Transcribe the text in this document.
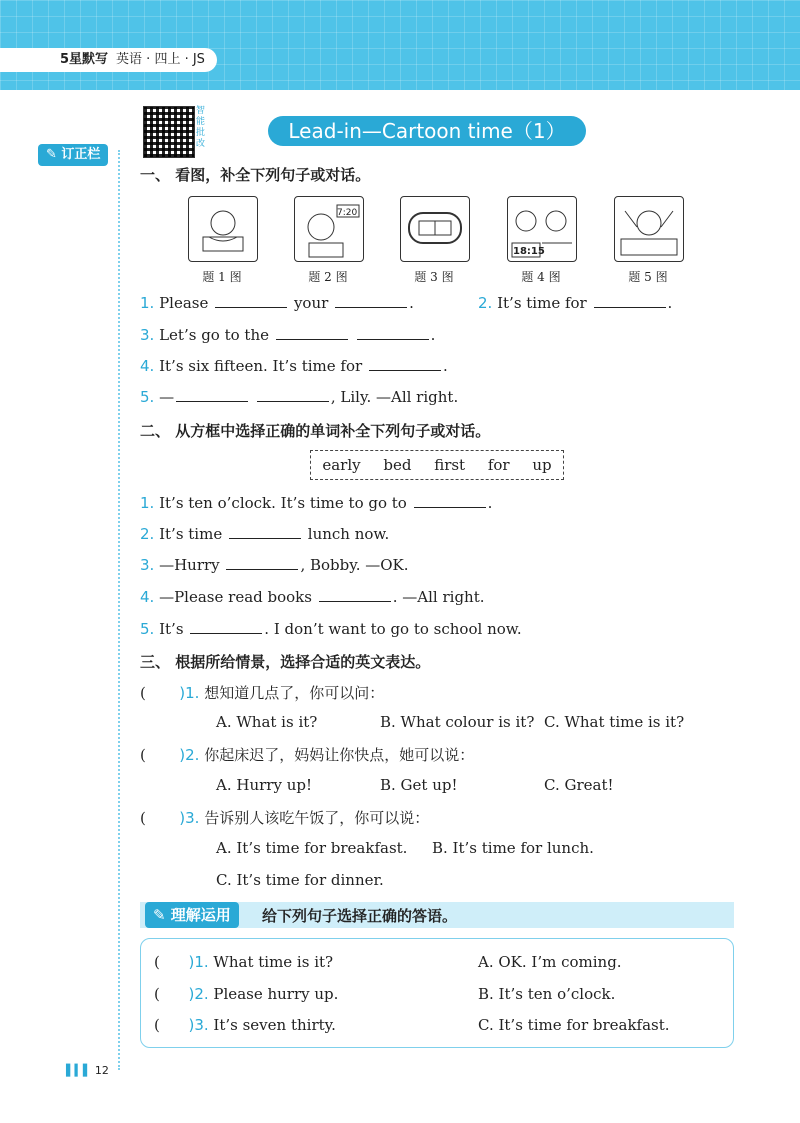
5星默写 英语 · 四上 · JS
✎ 订正栏
智能批改
Lead-in—Cartoon time（1）
一、 看图，补全下列句子或对话。
7:20
18:15
题 1 图	题 2 图	题 3 图	题 4 图	题 5 图
1. Please	your	.	2. It’s time for	.
3. Let’s go to the	.
4. It’s six fifteen. It’s time for	.
5. —	, Lily. —All right.
二、 从方框中选择正确的单词补全下列句子或对话。
early bed first for up
1. It’s ten o’clock. It’s time to go to	.
2. It’s time	lunch now.
3. —Hurry	, Bobby. —OK.
4. —Please read books	. —All right.
5. It’s	. I don’t want to go to school now.
三、 根据所给情景，选择合适的英文表达。
(       )1. 想知道几点了，你可以问：
A. What is it?	B. What colour is it? C. What time is it?
(       )2. 你起床迟了，妈妈让你快点，她可以说：
A. Hurry up!	B. Get up!	C. Great!
(       )3. 告诉别人该吃午饭了，你可以说：
A. It’s time for breakfast. B. It’s time for lunch.
C. It’s time for dinner.
✎ 理解运用	给下列句子选择正确的答语。
(      )1. What time is it?	A. OK. I’m coming.
(      )2. Please hurry up.	B. It’s ten o’clock.
(      )3. It’s seven thirty.	C. It’s time for breakfast.
▌▍▌ 12
